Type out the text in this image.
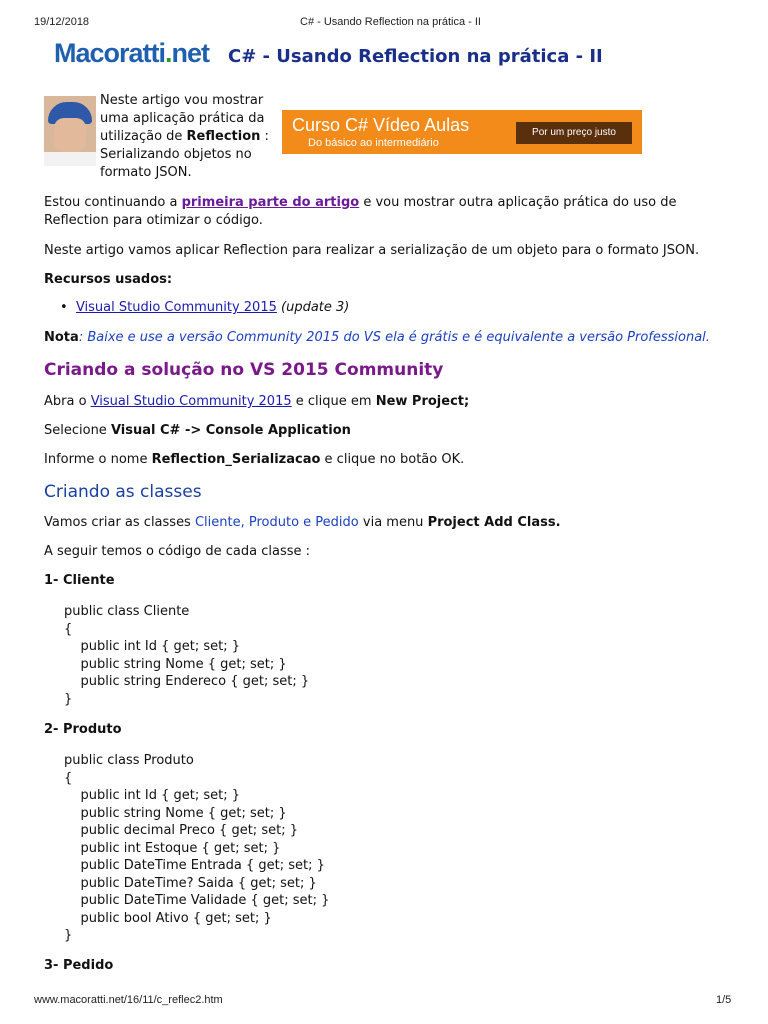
19/12/2018	C# - Usando Reflection na prática - II
Macoratti.net C# - Usando Reflection na prática - II
Neste artigo vou mostrar uma aplicação prática da utilização de Reflection : Serializando objetos no formato JSON.
Curso C# Vídeo Aulas
Do básico ao intermediário
Por um preço justo
Estou continuando a primeira parte do artigo e vou mostrar outra aplicação prática do uso de Reflection para otimizar o código.
Neste artigo vamos aplicar Reflection para realizar a serialização de um objeto para o formato JSON.
Recursos usados:
•  Visual Studio Community 2015 (update 3)
Nota: Baixe e use a versão Community 2015 do VS ela é grátis e é equivalente a versão Professional.
Criando a solução no VS 2015 Community
Abra o Visual Studio Community 2015 e clique em New Project;
Selecione Visual C# -> Console Application
Informe o nome Reflection_Serializacao e clique no botão OK.
Criando as classes
Vamos criar as classes Cliente, Produto e Pedido via menu Project Add Class.
A seguir temos o código de cada classe :
1- Cliente
public class Cliente
{
public int Id { get; set; }
public string Nome { get; set; }
public string Endereco { get; set; }
}
2- Produto
public class Produto
{
public int Id { get; set; }
public string Nome { get; set; }
public decimal Preco { get; set; }
public int Estoque { get; set; }
public DateTime Entrada { get; set; }
public DateTime? Saida { get; set; }
public DateTime Validade { get; set; }
public bool Ativo { get; set; }
}
3- Pedido
www.macoratti.net/16/11/c_reflec2.htm	1/5
